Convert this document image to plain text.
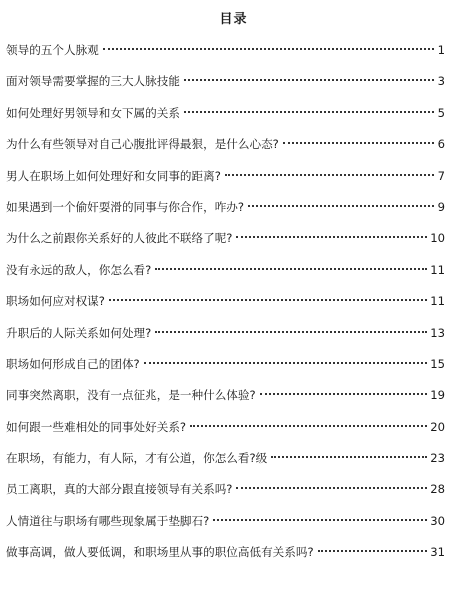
目录
领导的五个人脉观	1
面对领导需要掌握的三大人脉技能	3
如何处理好男领导和女下属的关系	5
为什么有些领导对自己心腹批评得最狠，是什么心态?	6
男人在职场上如何处理好和女同事的距离?	7
如果遇到一个偷奸耍滑的同事与你合作，咋办?	9
为什么之前跟你关系好的人彼此不联络了呢?	10
没有永远的敌人，你怎么看?	11
职场如何应对权谋?	11
升职后的人际关系如何处理?	13
职场如何形成自己的团体?	15
同事突然离职，没有一点征兆，是一种什么体验?	19
如何跟一些难相处的同事处好关系?	20
在职场，有能力，有人际，才有公道，你怎么看?级	23
员工离职，真的大部分跟直接领导有关系吗?	28
人情道往与职场有哪些现象属于垫脚石?	30
做事高调，做人要低调，和职场里从事的职位高低有关系吗?	31
